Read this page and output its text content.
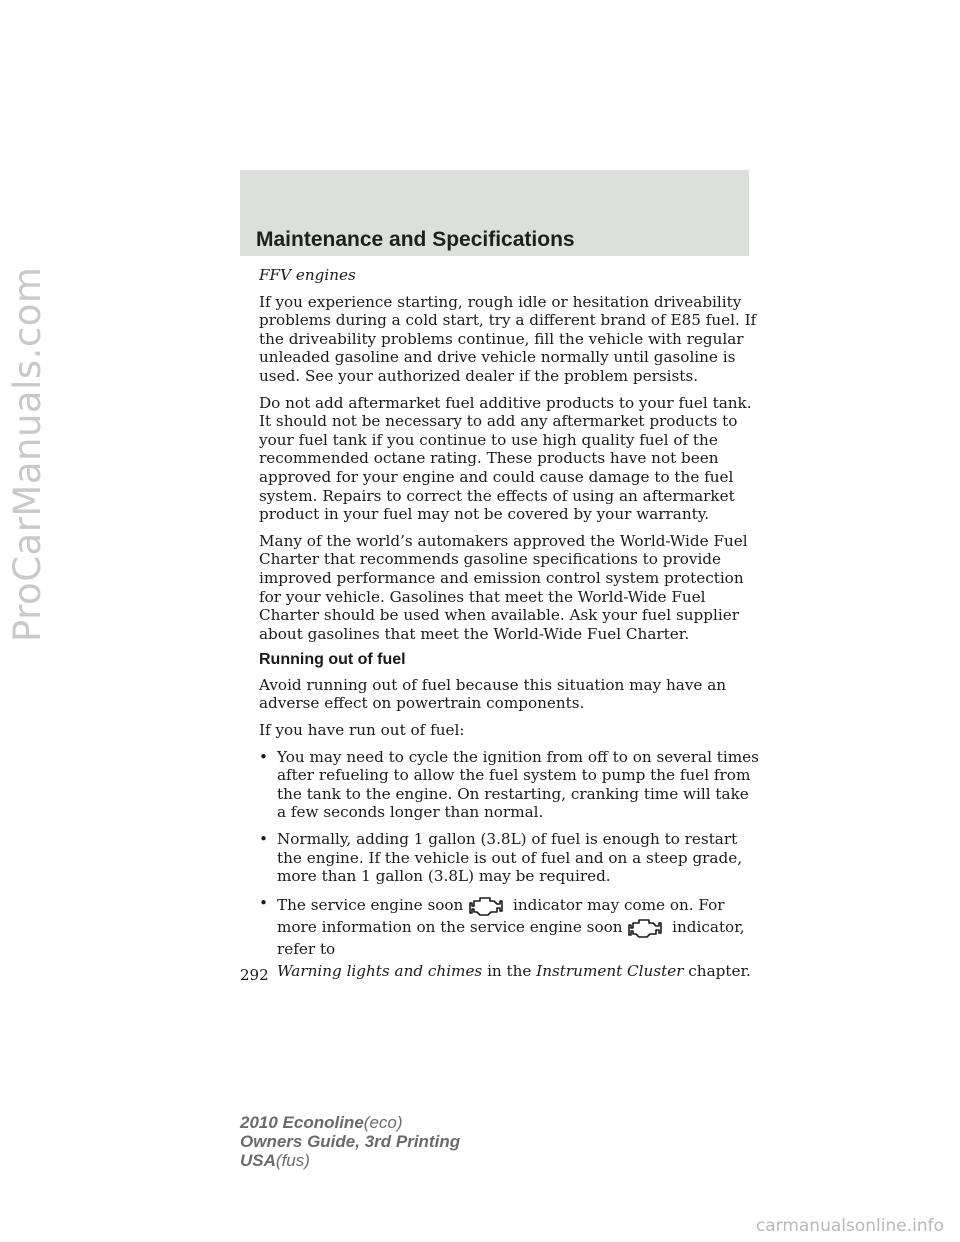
ProCarManuals.com
Maintenance and Specifications

FFV engines

If you experience starting, rough idle or hesitation driveability problems during a cold start, try a different brand of E85 fuel. If the driveability problems continue, fill the vehicle with regular unleaded gasoline and drive vehicle normally until gasoline is used. See your authorized dealer if the problem persists.

Do not add aftermarket fuel additive products to your fuel tank. It should not be necessary to add any aftermarket products to your fuel tank if you continue to use high quality fuel of the recommended octane rating. These products have not been approved for your engine and could cause damage to the fuel system. Repairs to correct the effects of using an aftermarket product in your fuel may not be covered by your warranty.

Many of the world’s automakers approved the World-Wide Fuel Charter that recommends gasoline specifications to provide improved performance and emission control system protection for your vehicle. Gasolines that meet the World-Wide Fuel Charter should be used when available. Ask your fuel supplier about gasolines that meet the World-Wide Fuel Charter.

Running out of fuel

Avoid running out of fuel because this situation may have an adverse effect on powertrain components.

If you have run out of fuel:

• You may need to cycle the ignition from off to on several times after refueling to allow the fuel system to pump the fuel from the tank to the engine. On restarting, cranking time will take a few seconds longer than normal.
• Normally, adding 1 gallon (3.8L) of fuel is enough to restart the engine. If the vehicle is out of fuel and on a steep grade, more than 1 gallon (3.8L) may be required.
• The service engine soon	indicator may come on. For more information on the service engine soon	indicator, refer to
Warning lights and chimes in the Instrument Cluster chapter.
292
2010 Econoline(eco)
Owners Guide, 3rd Printing
USA(fus)
carmanualsonline.info
